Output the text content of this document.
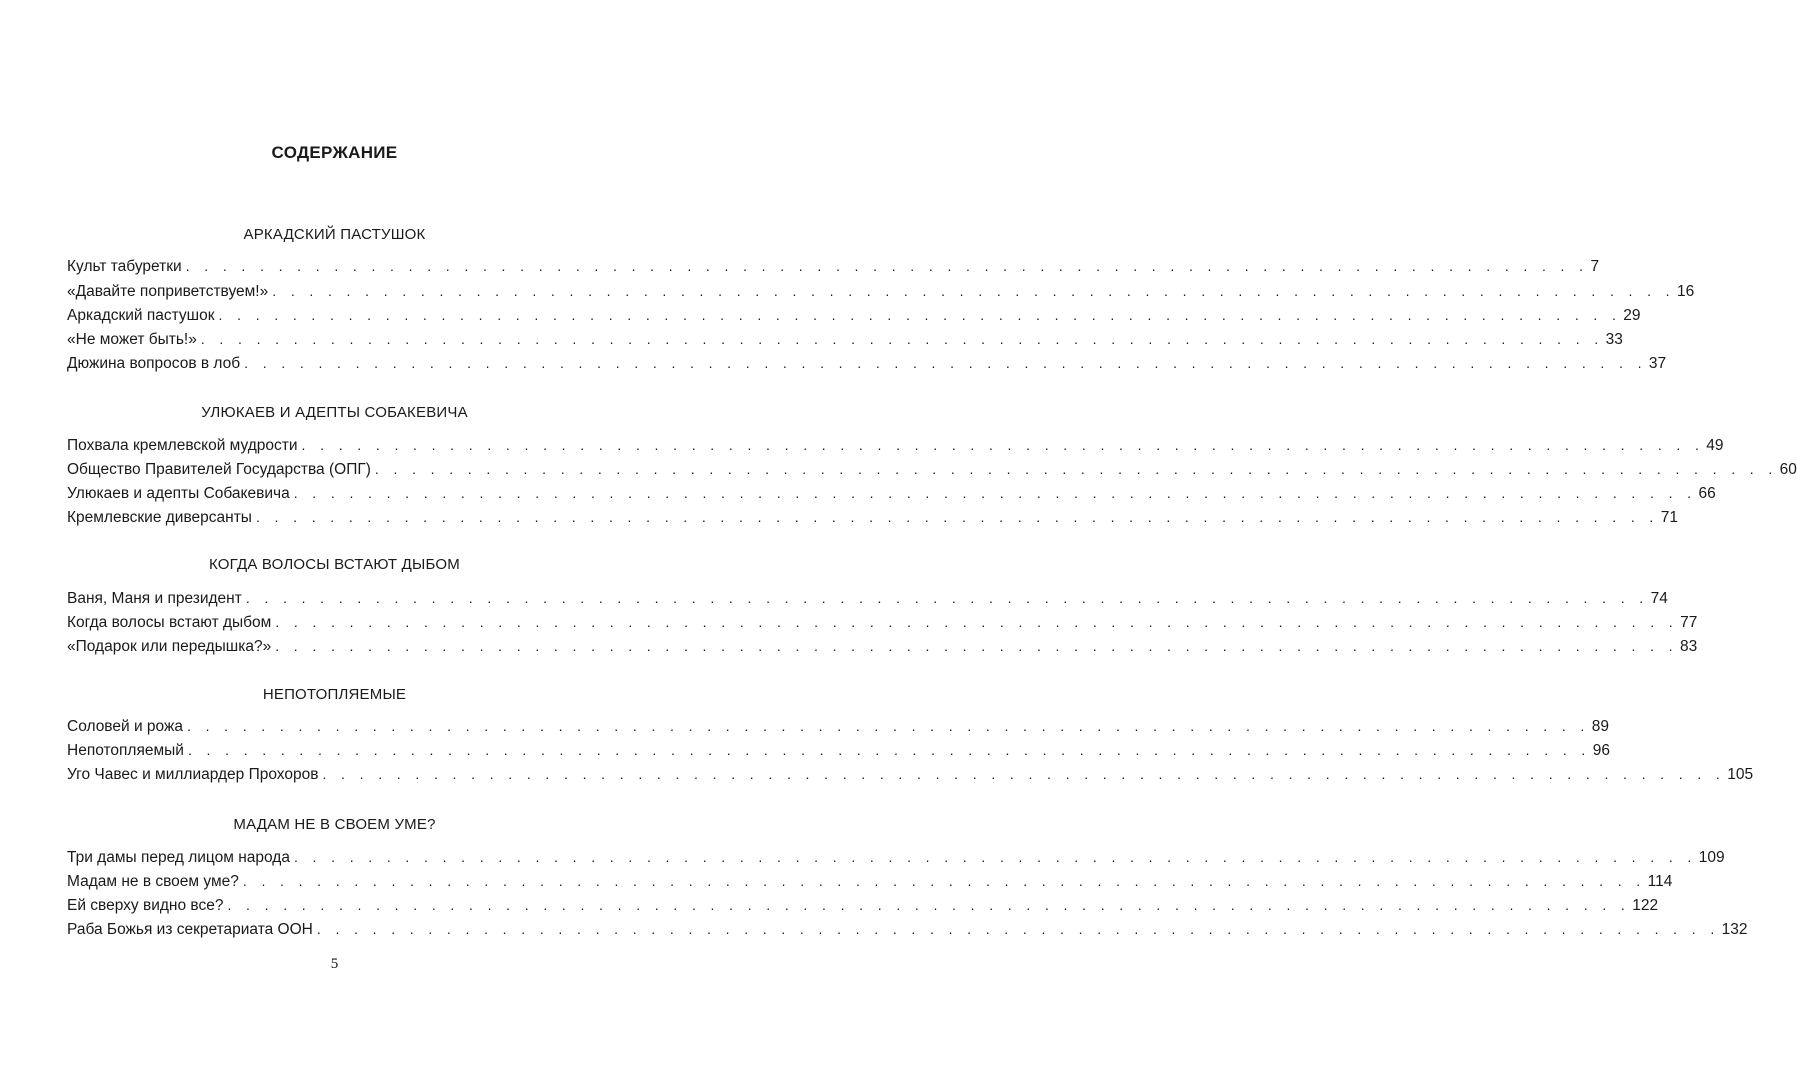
СОДЕРЖАНИЕ
АРКАДСКИЙ ПАСТУШОК
Культ табуретки . . . . . . . . . . . . . . . . . . . . . . . . . . . . . . . . . . . . . . . . . . . . . . . . . . . . . . . . . . . . . . . . . . . . . . . . . . . . 7
«Давайте поприветствуем!» . . . . . . . . . . . . . . . . . . . . . . . . . . . . . . . . . . . . . . . . . . . . . . . . . . . . . . . . . . . . . . . . . . . . . . . . . . . . 16
Аркадский пастушок . . . . . . . . . . . . . . . . . . . . . . . . . . . . . . . . . . . . . . . . . . . . . . . . . . . . . . . . . . . . . . . . . . . . . . . . . . . . 29
«Не может быть!» . . . . . . . . . . . . . . . . . . . . . . . . . . . . . . . . . . . . . . . . . . . . . . . . . . . . . . . . . . . . . . . . . . . . . . . . . . . . 33
Дюжина вопросов в лоб . . . . . . . . . . . . . . . . . . . . . . . . . . . . . . . . . . . . . . . . . . . . . . . . . . . . . . . . . . . . . . . . . . . . . . . . . . . . 37
УЛЮКАЕВ И АДЕПТЫ СОБАКЕВИЧА
Похвала кремлевской мудрости . . . . . . . . . . . . . . . . . . . . . . . . . . . . . . . . . . . . . . . . . . . . . . . . . . . . . . . . . . . . . . . . . . . . . . . . . . . . 49
Общество Правителей Государства (ОПГ) . . . . . . . . . . . . . . . . . . . . . . . . . . . . . . . . . . . . . . . . . . . . . . . . . . . . . . . . . . . . . . . . . . . . . . . . . . . . 60
Улюкаев и адепты Собакевича . . . . . . . . . . . . . . . . . . . . . . . . . . . . . . . . . . . . . . . . . . . . . . . . . . . . . . . . . . . . . . . . . . . . . . . . . . . . 66
Кремлевские диверсанты . . . . . . . . . . . . . . . . . . . . . . . . . . . . . . . . . . . . . . . . . . . . . . . . . . . . . . . . . . . . . . . . . . . . . . . . . . . . 71
КОГДА ВОЛОСЫ ВСТАЮТ ДЫБОМ
Ваня, Маня и президент . . . . . . . . . . . . . . . . . . . . . . . . . . . . . . . . . . . . . . . . . . . . . . . . . . . . . . . . . . . . . . . . . . . . . . . . . . . . 74
Когда волосы встают дыбом . . . . . . . . . . . . . . . . . . . . . . . . . . . . . . . . . . . . . . . . . . . . . . . . . . . . . . . . . . . . . . . . . . . . . . . . . . . . 77
«Подарок или передышка?» . . . . . . . . . . . . . . . . . . . . . . . . . . . . . . . . . . . . . . . . . . . . . . . . . . . . . . . . . . . . . . . . . . . . . . . . . . . . 83
НЕПОТОПЛЯЕМЫЕ
Соловей и рожа . . . . . . . . . . . . . . . . . . . . . . . . . . . . . . . . . . . . . . . . . . . . . . . . . . . . . . . . . . . . . . . . . . . . . . . . . . . . 89
Непотопляемый . . . . . . . . . . . . . . . . . . . . . . . . . . . . . . . . . . . . . . . . . . . . . . . . . . . . . . . . . . . . . . . . . . . . . . . . . . . . 96
Уго Чавес и миллиардер Прохоров . . . . . . . . . . . . . . . . . . . . . . . . . . . . . . . . . . . . . . . . . . . . . . . . . . . . . . . . . . . . . . . . . . . . . . . . . . . . 105
МАДАМ НЕ В СВОЕМ УМЕ?
Три дамы перед лицом народа . . . . . . . . . . . . . . . . . . . . . . . . . . . . . . . . . . . . . . . . . . . . . . . . . . . . . . . . . . . . . . . . . . . . . . . . . . . . 109
Мадам не в своем уме? . . . . . . . . . . . . . . . . . . . . . . . . . . . . . . . . . . . . . . . . . . . . . . . . . . . . . . . . . . . . . . . . . . . . . . . . . . . . 114
Ей сверху видно все? . . . . . . . . . . . . . . . . . . . . . . . . . . . . . . . . . . . . . . . . . . . . . . . . . . . . . . . . . . . . . . . . . . . . . . . . . . . . 122
Раба Божья из секретариата ООН . . . . . . . . . . . . . . . . . . . . . . . . . . . . . . . . . . . . . . . . . . . . . . . . . . . . . . . . . . . . . . . . . . . . . . . . . . . . 132
5
